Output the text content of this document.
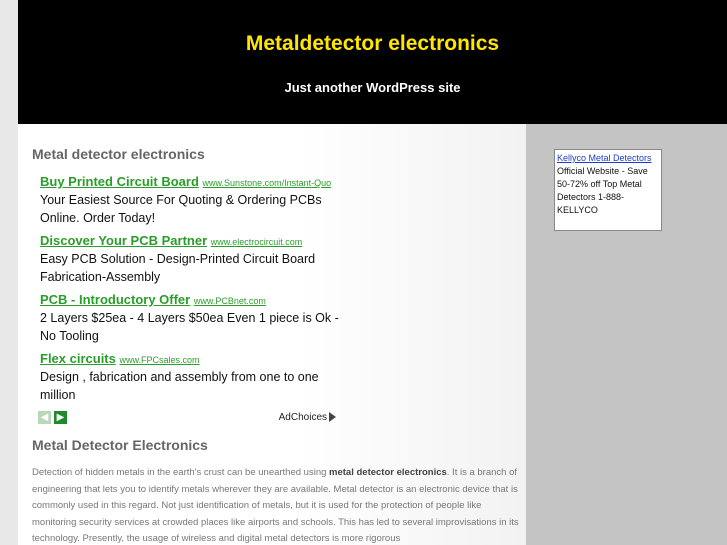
Metaldetector electronics
Just another WordPress site
Metal detector electronics
Buy Printed Circuit Board www.Sunstone.com/Instant-Quo
Your Easiest Source For Quoting & Ordering PCBs Online. Order Today!
Discover Your PCB Partner www.electrocircuit.com
Easy PCB Solution - Design-Printed Circuit Board Fabrication-Assembly
PCB - Introductory Offer www.PCBnet.com
2 Layers $25ea - 4 Layers $50ea Even 1 piece is Ok - No Tooling
Flex circuits www.FPCsales.com
Design , fabrication and assembly from one to one million
◀ ▶	AdChoices
Metal Detector Electronics
Detection of hidden metals in the earth's crust can be unearthed using metal detector electronics. It is a branch of engineering that lets you to identify metals wherever they are available. Metal detector is an electronic device that is commonly used in this regard. Not just identification of metals, but it is used for the protection of people like monitoring security services at crowded places like airports and schools. This has led to several improvisations in its technology. Presently, the usage of wireless and digital metal detectors is more rigorous
Kellyco Metal Detectors
Official Website - Save 50-72% off Top Metal Detectors 1-888-KELLYCO
